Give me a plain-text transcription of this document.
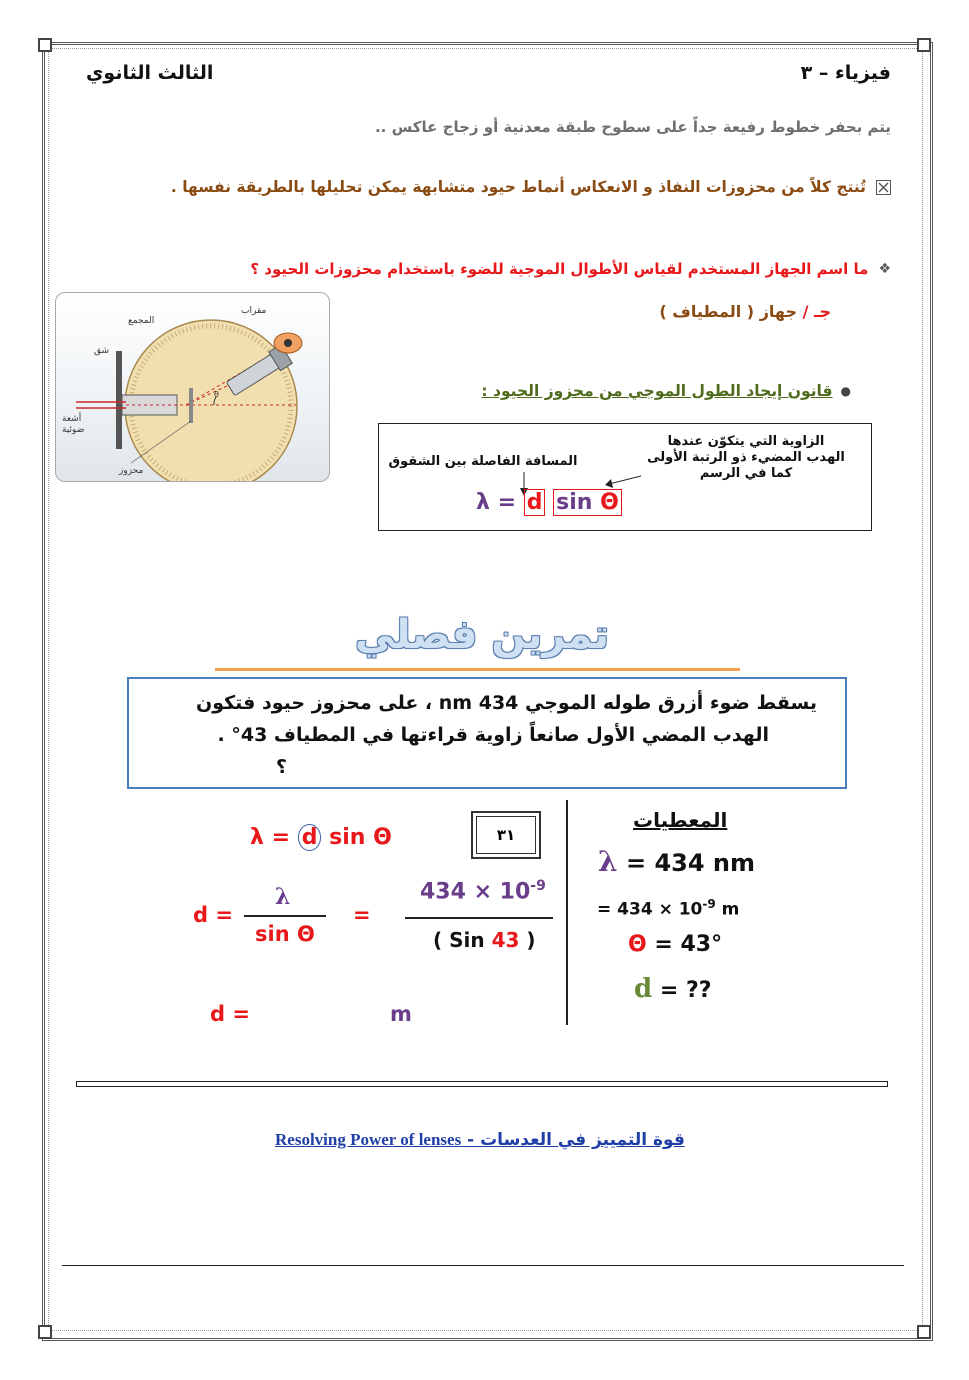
فيزياء – ٣
الثالث الثانوي
يتم بحفر خطوط رفيعة جداً على سطوح طبقة معدنية أو زجاج عاكس ..
تُنتج كلاً من محزوزات النفاذ و الانعكاس أنماط حيود متشابهة يمكن تحليلها بالطريقة نفسها .
❖
ما اسم الجهاز المستخدم لقياس الأطوال الموجية للضوء باستخدام محزوزات الحيود ؟
جـ / جهاز ( المطياف )
θ
مقراب
المجمع
شق
أشعة
ضوئية
محزوز
●
قانون إيجاد الطول الموجي من محزوز الحيود :
المسافة الفاصلة بين الشقوق
الزاوية التي يتكوّن عندها
الهدب المضيء ذو الرتبة الأولى
كما في الرسم
λ = d sin Θ
تمرين فصلي
يسقط ضوء أزرق طوله الموجي 434 nm ، على محزوز حيود فتكون
الهدب المضي الأول صانعاً زاوية قراءتها في المطياف 43° .
؟
٣١
المعطيات
λ = 434 nm
= $434 \times 10^{-9}$ m
Θ = 43°
d = ??
λ = d sin Θ
d =
λ
sin Θ
=
$434 \times 10^{-9}$
( Sin 43 )
d =	m
Resolving Power of lenses قوة التمييز في العدسات -
